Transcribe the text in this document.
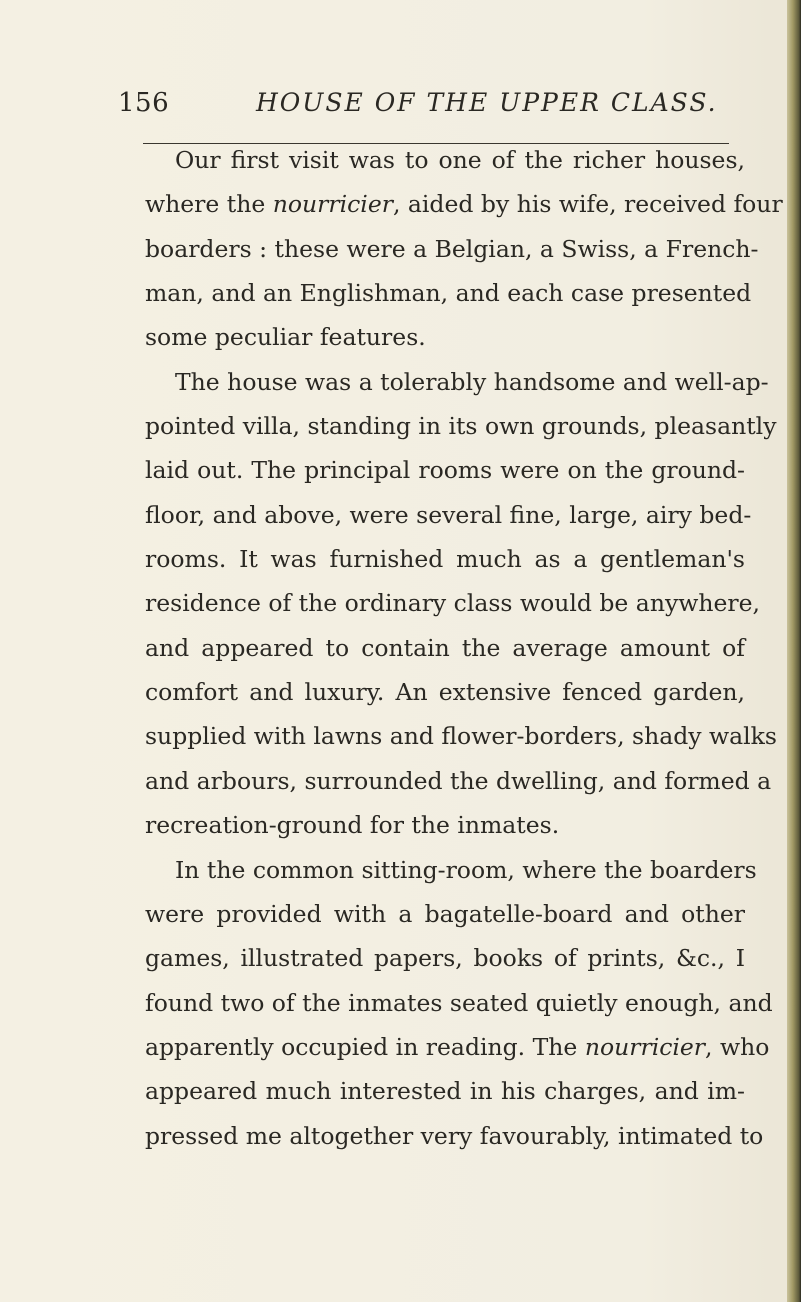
156	HOUSE OF THE UPPER CLASS.
Our first visit was to one of the richer houses,
where the nourricier, aided by his wife, received four
boarders : these were a Belgian, a Swiss, a French-
man, and an Englishman, and each case presented
some peculiar features.
The house was a tolerably handsome and well-ap-
pointed villa, standing in its own grounds, pleasantly
laid out. The principal rooms were on the ground-
floor, and above, were several fine, large, airy bed-
rooms. It was furnished much as a gentleman's
residence of the ordinary class would be anywhere,
and appeared to contain the average amount of
comfort and luxury. An extensive fenced garden,
supplied with lawns and flower-borders, shady walks
and arbours, surrounded the dwelling, and formed a
recreation-ground for the inmates.
In the common sitting-room, where the boarders
were provided with a bagatelle-board and other
games, illustrated papers, books of prints, &c., I
found two of the inmates seated quietly enough, and
apparently occupied in reading. The nourricier, who
appeared much interested in his charges, and im-
pressed me altogether very favourably, intimated to
